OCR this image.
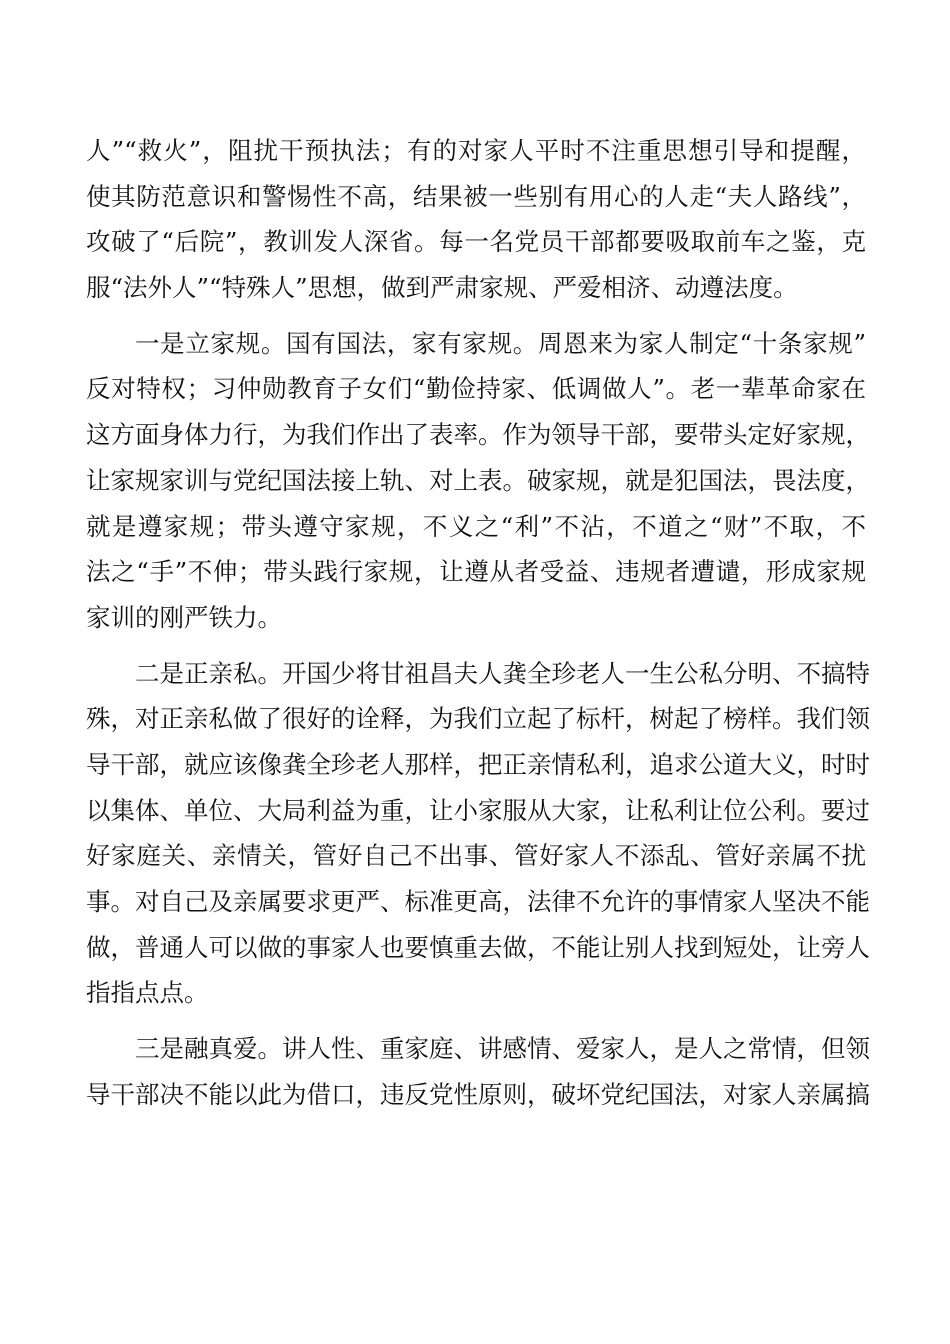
人”“救火”，阻扰干预执法；有的对家人平时不注重思想引导和提醒，
使其防范意识和警惕性不高，结果被一些别有用心的人走“夫人路线”，
攻破了“后院”，教训发人深省。每一名党员干部都要吸取前车之鉴，克
服“法外人”“特殊人”思想，做到严肃家规、严爱相济、动遵法度。
一是立家规。国有国法，家有家规。周恩来为家人制定“十条家规”
反对特权；习仲勋教育子女们“勤俭持家、低调做人”。老一辈革命家在
这方面身体力行，为我们作出了表率。作为领导干部，要带头定好家规，
让家规家训与党纪国法接上轨、对上表。破家规，就是犯国法，畏法度，
就是遵家规；带头遵守家规，不义之“利”不沾，不道之“财”不取，不
法之“手”不伸；带头践行家规，让遵从者受益、违规者遭谴，形成家规
家训的刚严铁力。
二是正亲私。开国少将甘祖昌夫人龚全珍老人一生公私分明、不搞特
殊，对正亲私做了很好的诠释，为我们立起了标杆，树起了榜样。我们领
导干部，就应该像龚全珍老人那样，把正亲情私利，追求公道大义，时时
以集体、单位、大局利益为重，让小家服从大家，让私利让位公利。要过
好家庭关、亲情关，管好自己不出事、管好家人不添乱、管好亲属不扰
事。对自己及亲属要求更严、标准更高，法律不允许的事情家人坚决不能
做，普通人可以做的事家人也要慎重去做，不能让别人找到短处，让旁人
指指点点。
三是融真爱。讲人性、重家庭、讲感情、爱家人，是人之常情，但领
导干部决不能以此为借口，违反党性原则，破坏党纪国法，对家人亲属搞
